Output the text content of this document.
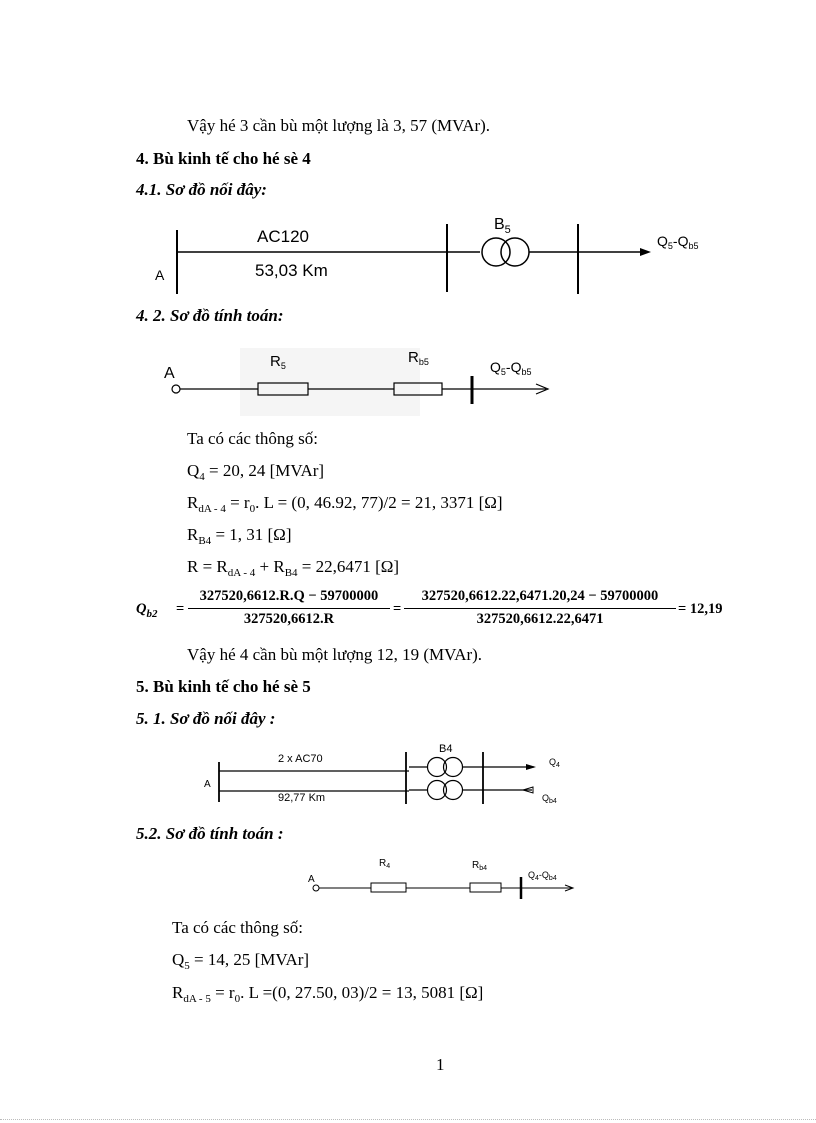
Vậy hé 3 cần bù một lượng là 3, 57 (MVAr).
4. Bù kinh tế cho hé sè 4
4.1. Sơ đồ nối đây:
AC120
53,03 Km
A
$B_5$
$Q_5-Q_{b5}$
4. 2. Sơ đồ tính toán:
A
$R_5$	$R_{b5}$	$Q_5-Q_{b5}$
Ta có các thông số:
$Q_4 = 20$, 24 [MVAr]
$R_{dA - 4} = r_0$. L = (0, 46.92, 77)/2 = 21, 3371 [Ω]
$R_{B4} = 1$, 31 [Ω]
$R = R_{dA - 4} + R_{B4} = 22,6471$ [Ω]
$Q_{b2}$ =
327520,6612.R.Q − 59700000
327520,6612.R
=
327520,6612.22,6471.20,24 − 59700000
327520,6612.22,6471
= 12,19
Vậy hé 4 cần bù một lượng 12, 19 (MVAr).
5. Bù kinh tế cho hé sè 5
5. 1. Sơ đồ nối đây :
2 x AC70
92,77 Km
A
B4
$Q_4$
$Q_{b4}$
5.2. Sơ đồ tính toán :
A
$R_4$	$R_{b4}$
$Q_4-Q_{b4}$
Ta có các thông số:
$Q_5 = 14$, 25 [MVAr]
$R_{dA - 5} = r_0$. L =(0, 27.50, 03)/2 = 13, 5081 [Ω]
1
